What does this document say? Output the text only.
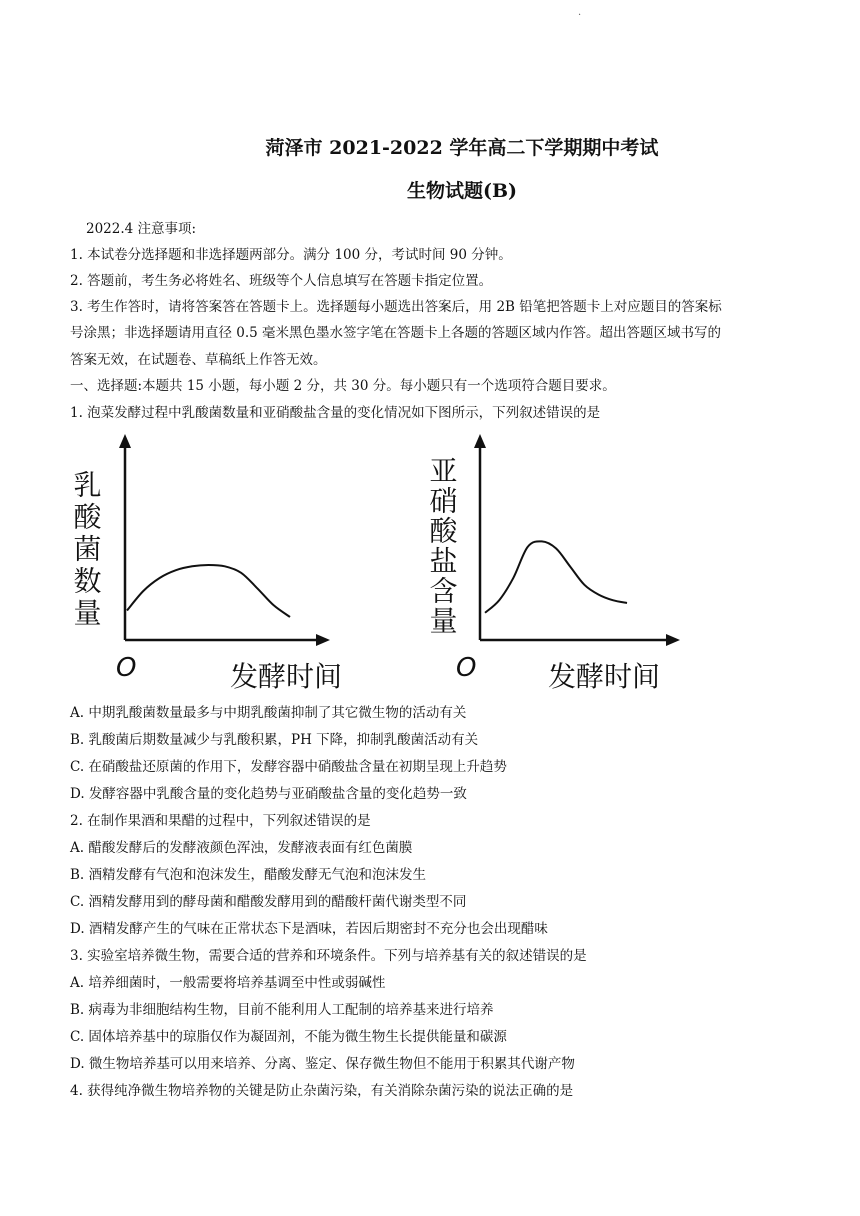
·
菏泽市 2021-2022 学年高二下学期期中考试
生物试题(B)
2022.4 注意事项:
1. 本试卷分选择题和非选择题两部分。满分 100 分，考试时间 90 分钟。
2. 答题前，考生务必将姓名、班级等个人信息填写在答题卡指定位置。
3. 考生作答时，请将答案答在答题卡上。选择题每小题选出答案后，用 2B 铅笔把答题卡上对应题目的答案标
号涂黑；非选择题请用直径 0.5 毫米黑色墨水签字笔在答题卡上各题的答题区域内作答。超出答题区域书写的
答案无效，在试题卷、草稿纸上作答无效。
一、选择题:本题共 15 小题，每小题 2 分，共 30 分。每小题只有一个选项符合题目要求。
1. 泡菜发酵过程中乳酸菌数量和亚硝酸盐含量的变化情况如下图所示，下列叙述错误的是
O	发酵时间
乳酸菌数量
O	发酵时间
亚硝酸盐含量
A. 中期乳酸菌数量最多与中期乳酸菌抑制了其它微生物的活动有关
B. 乳酸菌后期数量减少与乳酸积累，PH 下降，抑制乳酸菌活动有关
C. 在硝酸盐还原菌的作用下，发酵容器中硝酸盐含量在初期呈现上升趋势
D. 发酵容器中乳酸含量的变化趋势与亚硝酸盐含量的变化趋势一致
2. 在制作果酒和果醋的过程中，下列叙述错误的是
A. 醋酸发酵后的发酵液颜色浑浊，发酵液表面有红色菌膜
B. 酒精发酵有气泡和泡沫发生，醋酸发酵无气泡和泡沫发生
C. 酒精发酵用到的酵母菌和醋酸发酵用到的醋酸杆菌代谢类型不同
D. 酒精发酵产生的气味在正常状态下是酒味，若因后期密封不充分也会出现醋味
3. 实验室培养微生物，需要合适的营养和环境条件。下列与培养基有关的叙述错误的是
A. 培养细菌时，一般需要将培养基调至中性或弱碱性
B. 病毒为非细胞结构生物，目前不能利用人工配制的培养基来进行培养
C. 固体培养基中的琼脂仅作为凝固剂，不能为微生物生长提供能量和碳源
D. 微生物培养基可以用来培养、分离、鉴定、保存微生物但不能用于积累其代谢产物
4. 获得纯净微生物培养物的关键是防止杂菌污染，有关消除杂菌污染的说法正确的是
